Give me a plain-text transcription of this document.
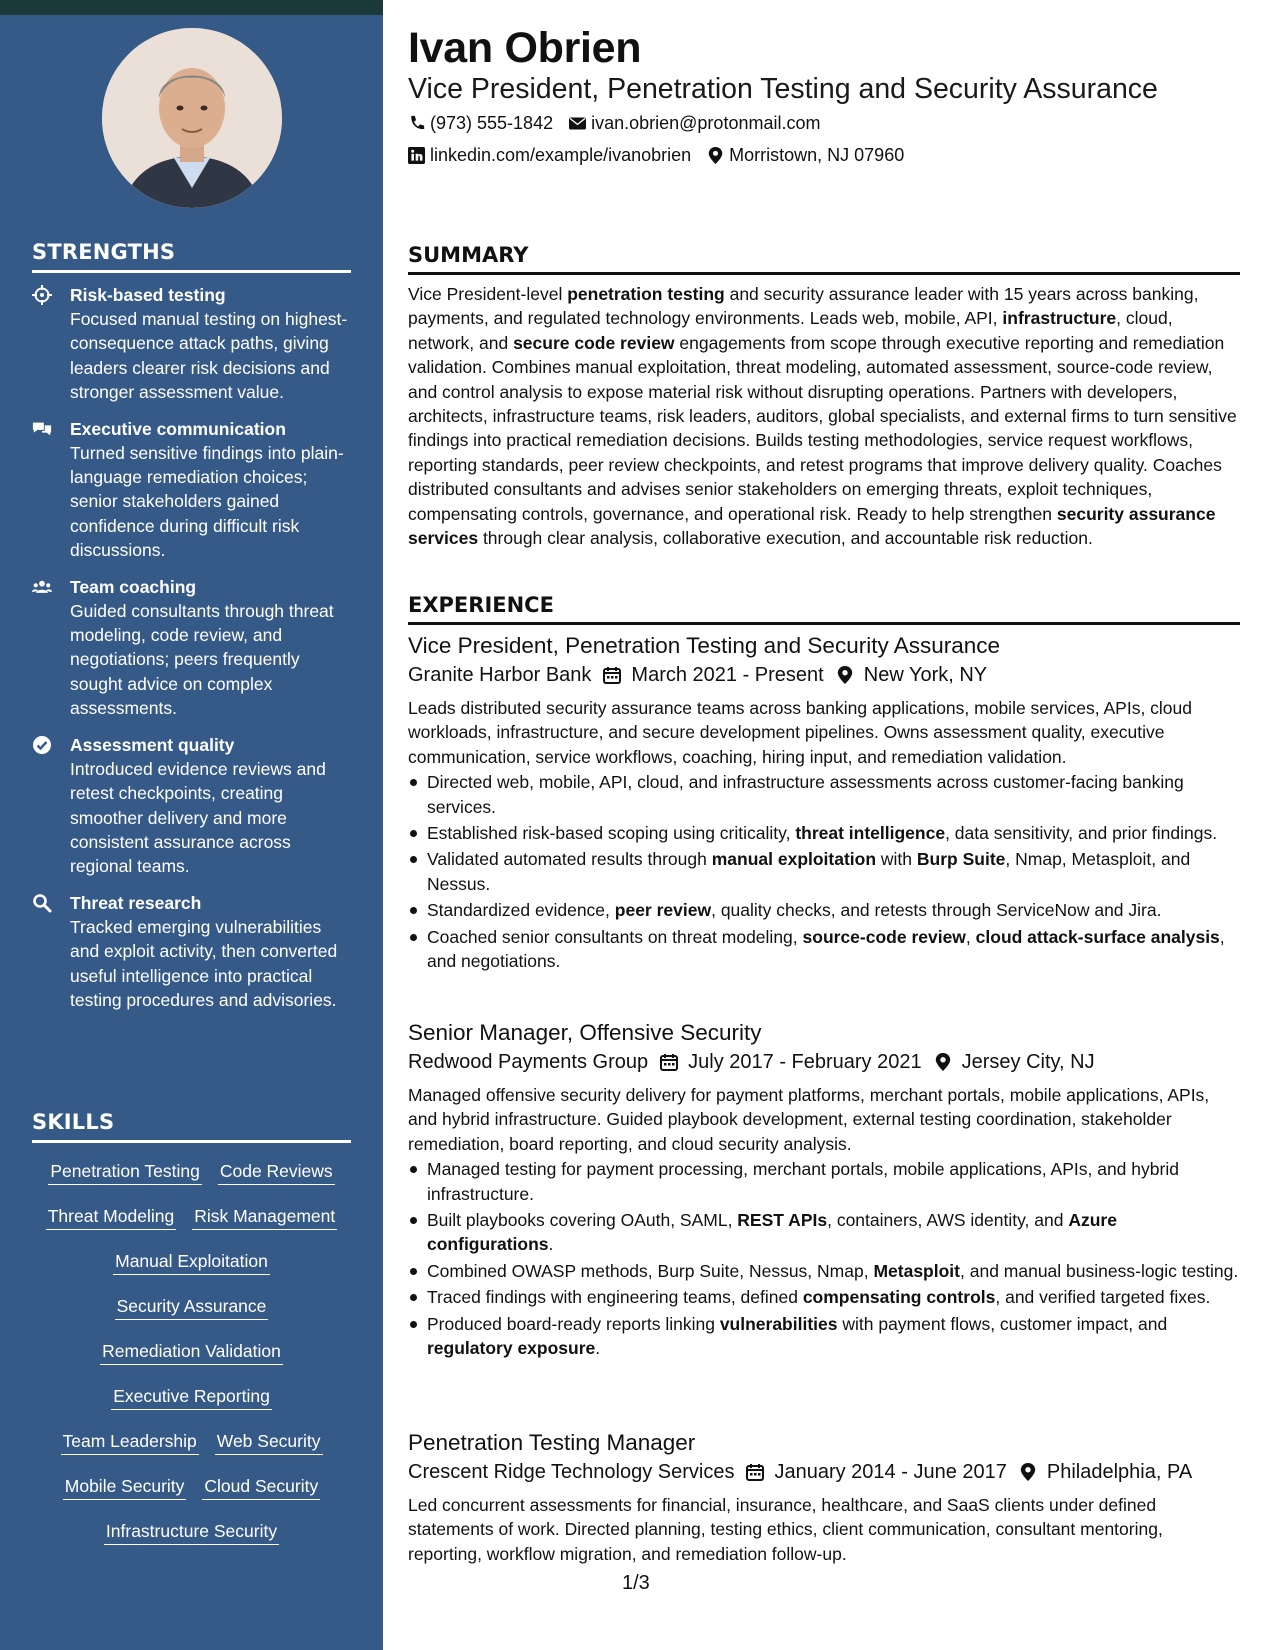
STRENGTHS
Risk-based testing
Focused manual testing on highest-consequence attack paths, giving leaders clearer risk decisions and stronger assessment value.
Executive communication
Turned sensitive findings into plain-language remediation choices; senior stakeholders gained confidence during difficult risk discussions.
Team coaching
Guided consultants through threat modeling, code review, and negotiations; peers frequently sought advice on complex assessments.
Assessment quality
Introduced evidence reviews and retest checkpoints, creating smoother delivery and more consistent assurance across regional teams.
Threat research
Tracked emerging vulnerabilities and exploit activity, then converted useful intelligence into practical testing procedures and advisories.
SKILLS
Penetration Testing Code Reviews
Threat Modeling Risk Management
Manual Exploitation
Security Assurance
Remediation Validation
Executive Reporting
Team Leadership Web Security
Mobile Security Cloud Security
Infrastructure Security
Ivan Obrien
Vice President, Penetration Testing and Security Assurance
(973) 555-1842 ivan.obrien@protonmail.com
linkedin.com/example/ivanobrien Morristown, NJ 07960
SUMMARY
Vice President-level penetration testing and security assurance leader with 15 years across banking, payments, and regulated technology environments. Leads web, mobile, API, infrastructure, cloud, network, and secure code review engagements from scope through executive reporting and remediation validation. Combines manual exploitation, threat modeling, automated assessment, source-code review, and control analysis to expose material risk without disrupting operations. Partners with developers, architects, infrastructure teams, risk leaders, auditors, global specialists, and external firms to turn sensitive findings into practical remediation decisions. Builds testing methodologies, service request workflows, reporting standards, peer review checkpoints, and retest programs that improve delivery quality. Coaches distributed consultants and advises senior stakeholders on emerging threats, exploit techniques, compensating controls, governance, and operational risk. Ready to help strengthen security assurance services through clear analysis, collaborative execution, and accountable risk reduction.
EXPERIENCE
Vice President, Penetration Testing and Security Assurance
Granite Harbor Bank March 2021 - Present New York, NY
Leads distributed security assurance teams across banking applications, mobile services, APIs, cloud workloads, infrastructure, and secure development pipelines. Owns assessment quality, executive communication, service workflows, coaching, hiring input, and remediation validation.
Directed web, mobile, API, cloud, and infrastructure assessments across customer-facing banking services.
Established risk-based scoping using criticality, threat intelligence, data sensitivity, and prior findings.
Validated automated results through manual exploitation with Burp Suite, Nmap, Metasploit, and Nessus.
Standardized evidence, peer review, quality checks, and retests through ServiceNow and Jira.
Coached senior consultants on threat modeling, source-code review, cloud attack-surface analysis, and negotiations.
Senior Manager, Offensive Security
Redwood Payments Group July 2017 - February 2021 Jersey City, NJ
Managed offensive security delivery for payment platforms, merchant portals, mobile applications, APIs, and hybrid infrastructure. Guided playbook development, external testing coordination, stakeholder remediation, board reporting, and cloud security analysis.
Managed testing for payment processing, merchant portals, mobile applications, APIs, and hybrid infrastructure.
Built playbooks covering OAuth, SAML, REST APIs, containers, AWS identity, and Azure configurations.
Combined OWASP methods, Burp Suite, Nessus, Nmap, Metasploit, and manual business-logic testing.
Traced findings with engineering teams, defined compensating controls, and verified targeted fixes.
Produced board-ready reports linking vulnerabilities with payment flows, customer impact, and regulatory exposure.
Penetration Testing Manager
Crescent Ridge Technology Services January 2014 - June 2017 Philadelphia, PA
Led concurrent assessments for financial, insurance, healthcare, and SaaS clients under defined statements of work. Directed planning, testing ethics, client communication, consultant mentoring, reporting, workflow migration, and remediation follow-up.
1/3
